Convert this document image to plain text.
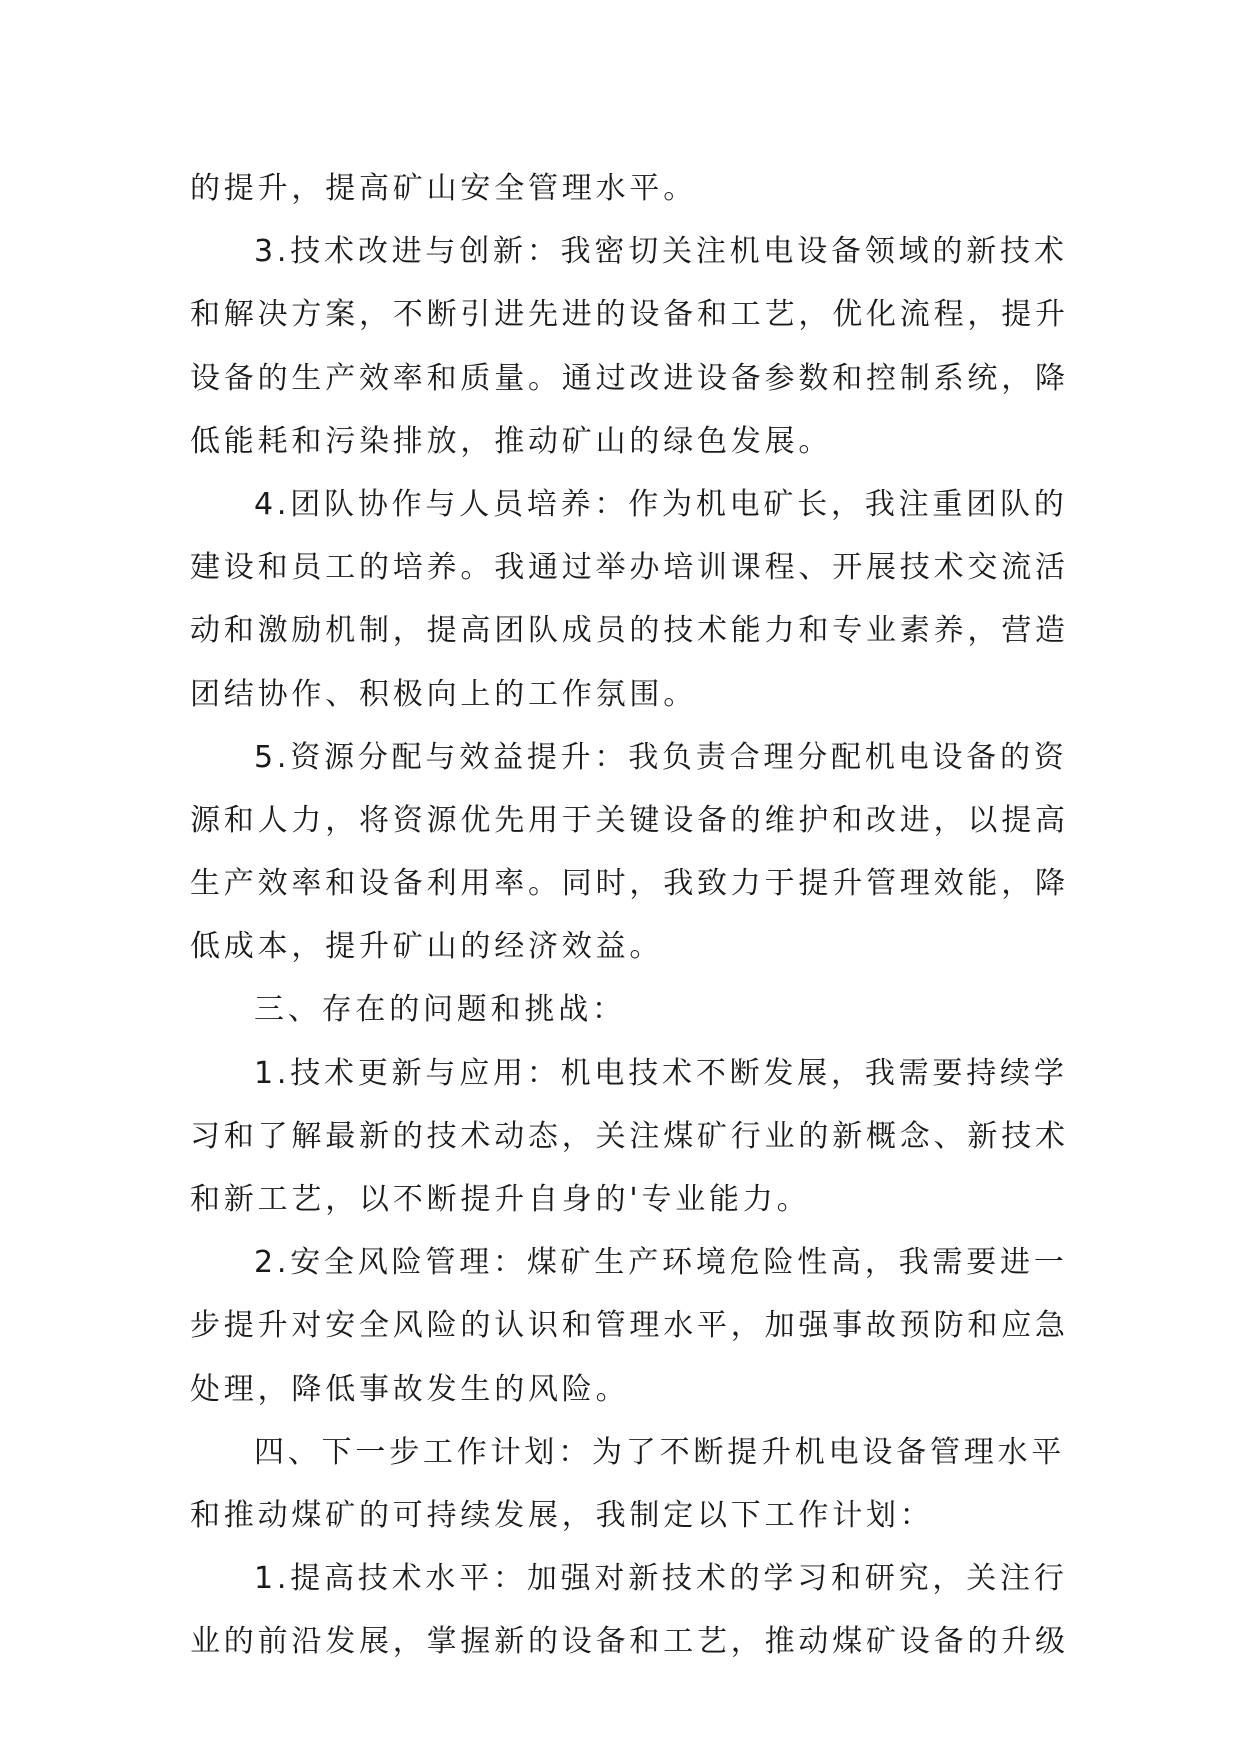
的提升，提高矿山安全管理水平。
3.技术改进与创新：我密切关注机电设备领域的新技术
和解决方案，不断引进先进的设备和工艺，优化流程，提升
设备的生产效率和质量。通过改进设备参数和控制系统，降
低能耗和污染排放，推动矿山的绿色发展。
4.团队协作与人员培养：作为机电矿长，我注重团队的
建设和员工的培养。我通过举办培训课程、开展技术交流活
动和激励机制，提高团队成员的技术能力和专业素养，营造
团结协作、积极向上的工作氛围。
5.资源分配与效益提升：我负责合理分配机电设备的资
源和人力，将资源优先用于关键设备的维护和改进，以提高
生产效率和设备利用率。同时，我致力于提升管理效能，降
低成本，提升矿山的经济效益。
三、存在的问题和挑战：
1.技术更新与应用：机电技术不断发展，我需要持续学
习和了解最新的技术动态，关注煤矿行业的新概念、新技术
和新工艺，以不断提升自身的'专业能力。
2.安全风险管理：煤矿生产环境危险性高，我需要进一
步提升对安全风险的认识和管理水平，加强事故预防和应急
处理，降低事故发生的风险。
四、下一步工作计划：为了不断提升机电设备管理水平
和推动煤矿的可持续发展，我制定以下工作计划：
1.提高技术水平：加强对新技术的学习和研究，关注行
业的前沿发展，掌握新的设备和工艺，推动煤矿设备的升级
